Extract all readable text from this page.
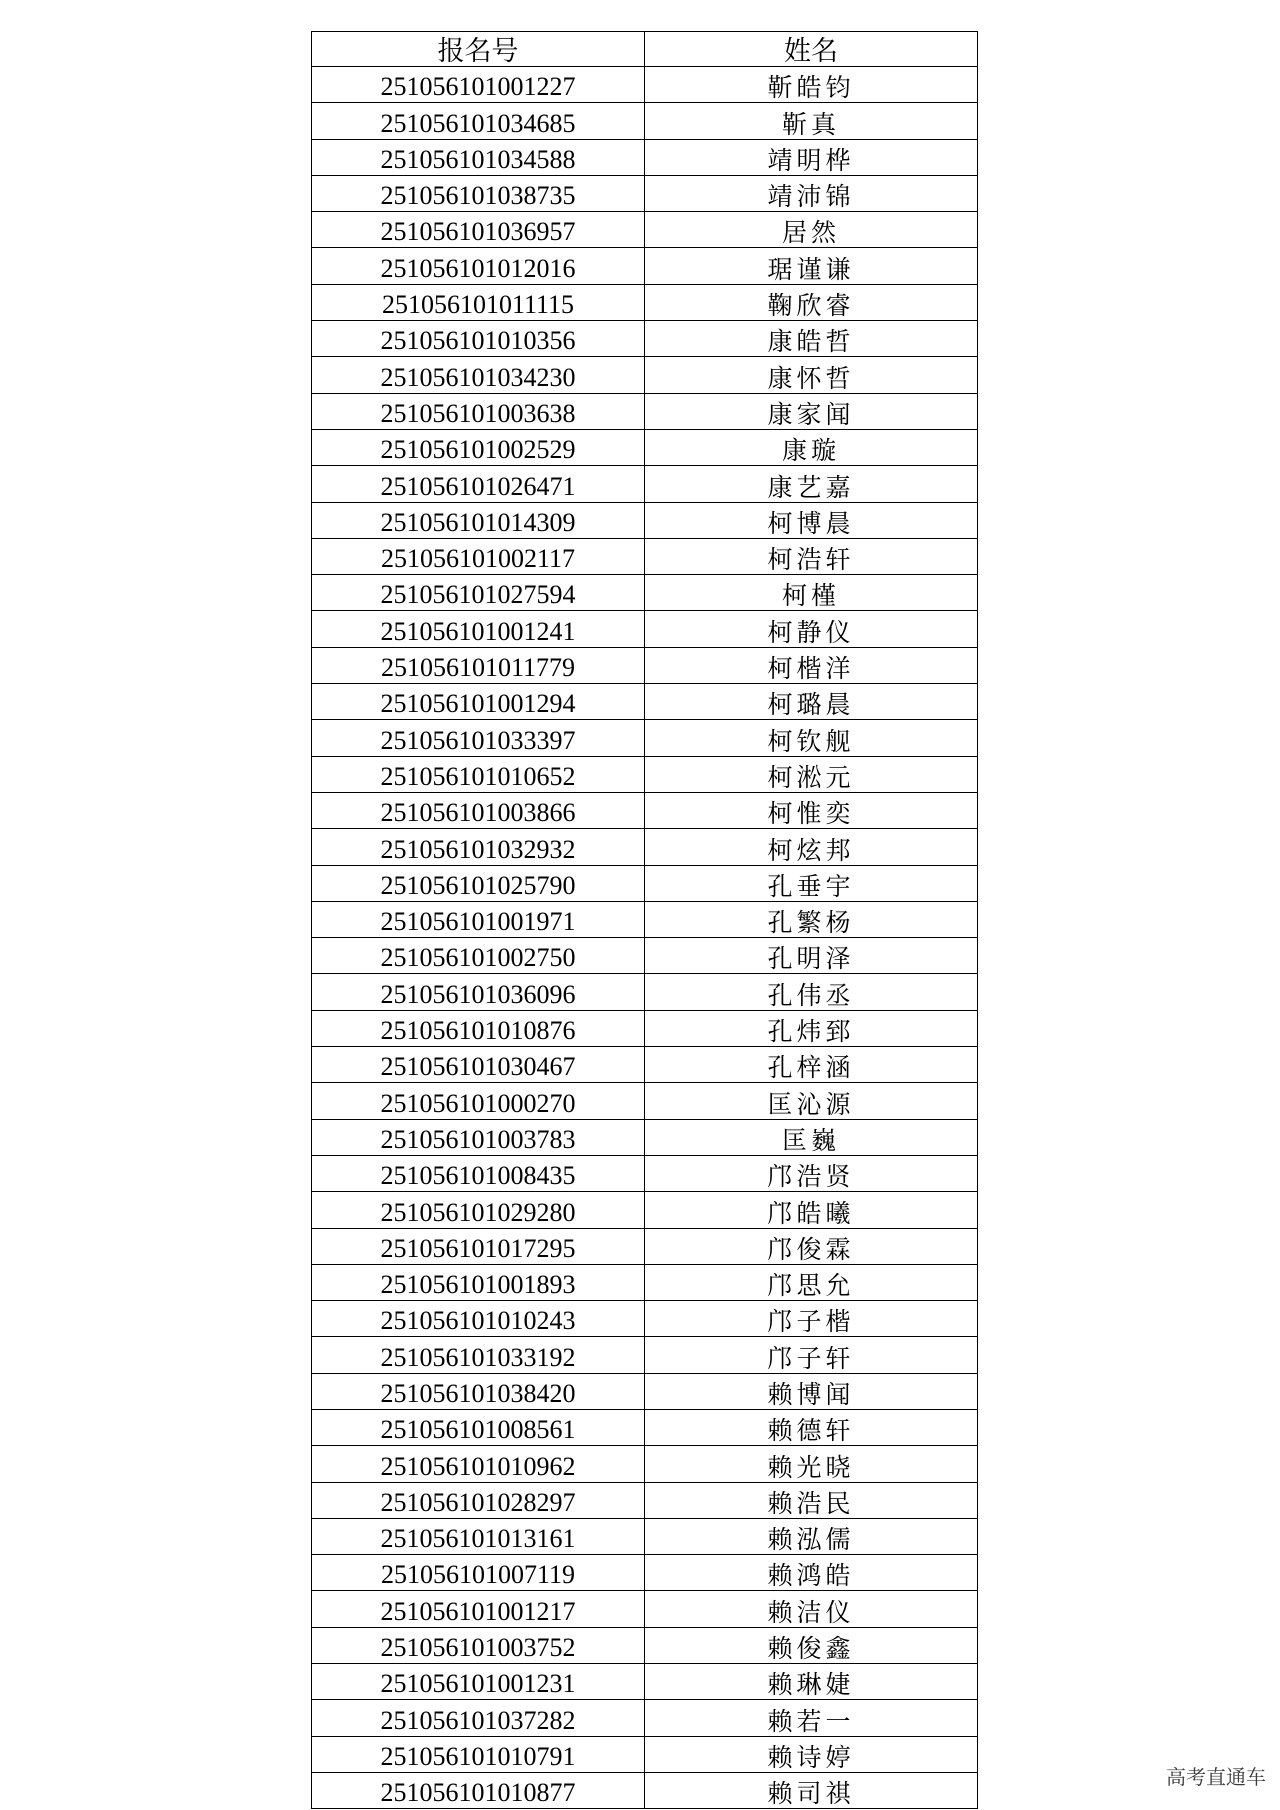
报名号	姓名
251056101001227	靳皓钧
251056101034685	靳真
251056101034588	靖明桦
251056101038735	靖沛锦
251056101036957	居然
251056101012016	琚谨谦
251056101011115	鞠欣睿
251056101010356	康皓哲
251056101034230	康怀哲
251056101003638	康家闻
251056101002529	康璇
251056101026471	康艺嘉
251056101014309	柯博晨
251056101002117	柯浩轩
251056101027594	柯槿
251056101001241	柯静仪
251056101011779	柯楷洋
251056101001294	柯璐晨
251056101033397	柯钦舰
251056101010652	柯淞元
251056101003866	柯惟奕
251056101032932	柯炫邦
251056101025790	孔垂宇
251056101001971	孔繁杨
251056101002750	孔明泽
251056101036096	孔伟丞
251056101010876	孔炜郅
251056101030467	孔梓涵
251056101000270	匡沁源
251056101003783	匡巍
251056101008435	邝浩贤
251056101029280	邝皓曦
251056101017295	邝俊霖
251056101001893	邝思允
251056101010243	邝子楷
251056101033192	邝子轩
251056101038420	赖博闻
251056101008561	赖德轩
251056101010962	赖光晓
251056101028297	赖浩民
251056101013161	赖泓儒
251056101007119	赖鸿皓
251056101001217	赖洁仪
251056101003752	赖俊鑫
251056101001231	赖琳婕
251056101037282	赖若一
251056101010791	赖诗婷
251056101010877	赖司祺
高考直通车
